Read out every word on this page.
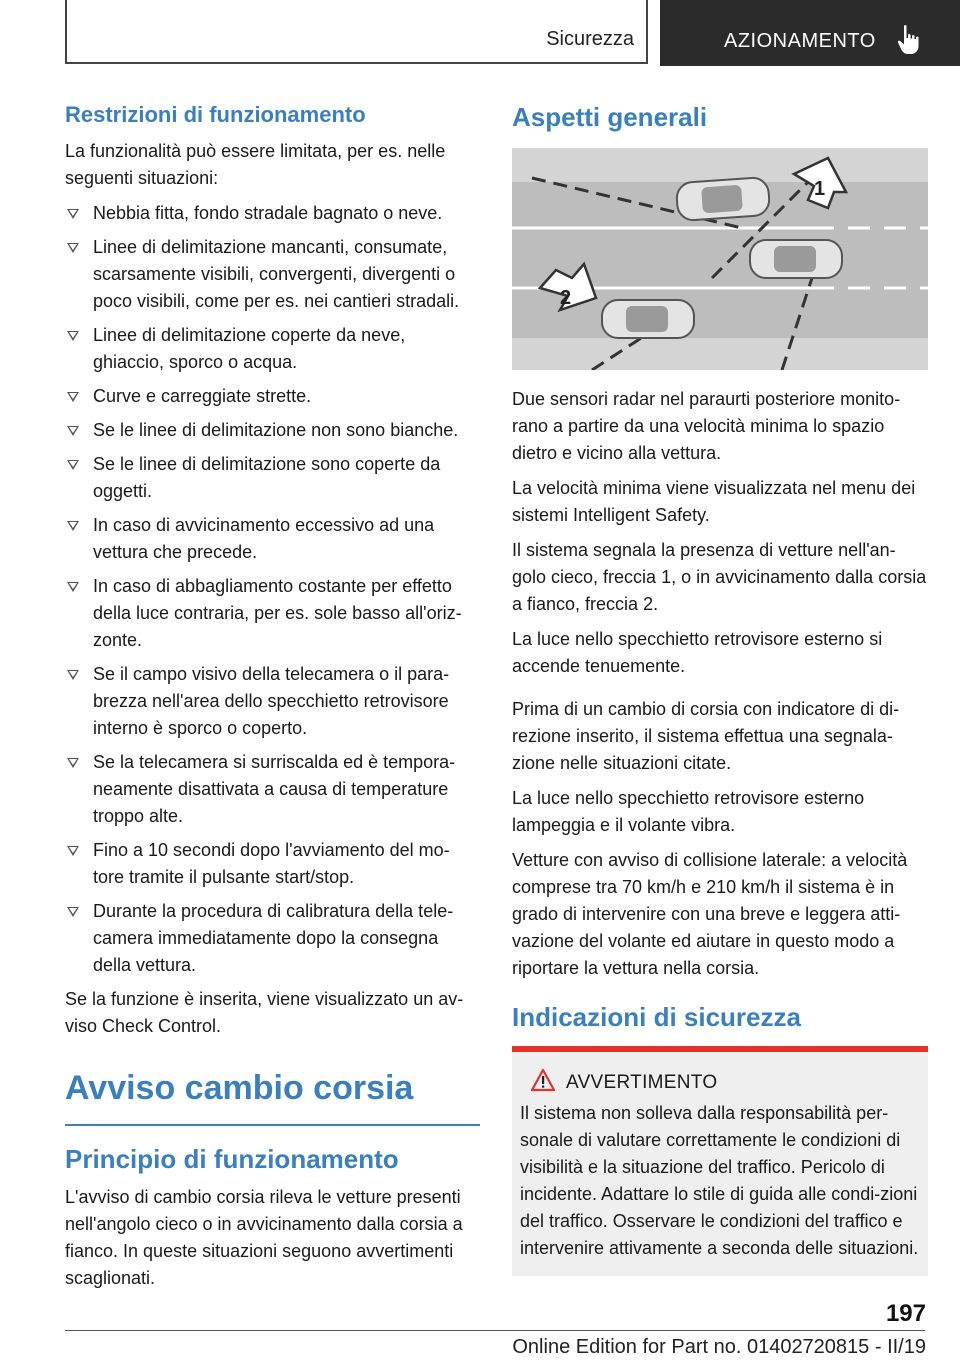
Sicurezza	AZIONAMENTO
Restrizioni di funzionamento

La funzionalità può essere limitata, per es. nelle seguenti situazioni:

Nebbia fitta, fondo stradale bagnato o neve.
Linee di delimitazione mancanti, consumate, scarsamente visibili, convergenti, divergenti o poco visibili, come per es. nei cantieri stradali.
Linee di delimitazione coperte da neve, ghiaccio, sporco o acqua.
Curve e carreggiate strette.
Se le linee di delimitazione non sono bianche.
Se le linee di delimitazione sono coperte da oggetti.
In caso di avvicinamento eccessivo ad una vettura che precede.
In caso di abbagliamento costante per effetto della luce contraria, per es. sole basso all'oriz-zonte.
Se il campo visivo della telecamera o il para-brezza nell'area dello specchietto retrovisore interno è sporco o coperto.
Se la telecamera si surriscalda ed è tempora-neamente disattivata a causa di temperature troppo alte.
Fino a 10 secondi dopo l'avviamento del mo-tore tramite il pulsante start/stop.
Durante la procedura di calibratura della tele-camera immediatamente dopo la consegna della vettura.

Se la funzione è inserita, viene visualizzato un av-viso Check Control.

Avviso cambio corsia
Principio di funzionamento

L'avviso di cambio corsia rileva le vetture presenti nell'angolo cieco o in avvicinamento dalla corsia a fianco. In queste situazioni seguono avvertimenti scaglionati.

Aspetti generali
1
2

Due sensori radar nel paraurti posteriore monito-rano a partire da una velocità minima lo spazio dietro e vicino alla vettura.

La velocità minima viene visualizzata nel menu dei sistemi Intelligent Safety.

Il sistema segnala la presenza di vetture nell'an-golo cieco, freccia 1, o in avvicinamento dalla corsia a fianco, freccia 2.

La luce nello specchietto retrovisore esterno si accende tenuemente.

Prima di un cambio di corsia con indicatore di di-rezione inserito, il sistema effettua una segnala-zione nelle situazioni citate.

La luce nello specchietto retrovisore esterno lampeggia e il volante vibra.

Vetture con avviso di collisione laterale: a velocità comprese tra 70 km/h e 210 km/h il sistema è in grado di intervenire con una breve e leggera atti-vazione del volante ed aiutare in questo modo a riportare la vettura nella corsia.

Indicazioni di sicurezza
AVVERTIMENTO

Il sistema non solleva dalla responsabilità per-sonale di valutare correttamente le condizioni di visibilità e la situazione del traffico. Pericolo di incidente. Adattare lo stile di guida alle condi-zioni del traffico. Osservare le condizioni del traffico e intervenire attivamente a seconda delle situazioni.

197
Online Edition for Part no. 01402720815 - II/19
